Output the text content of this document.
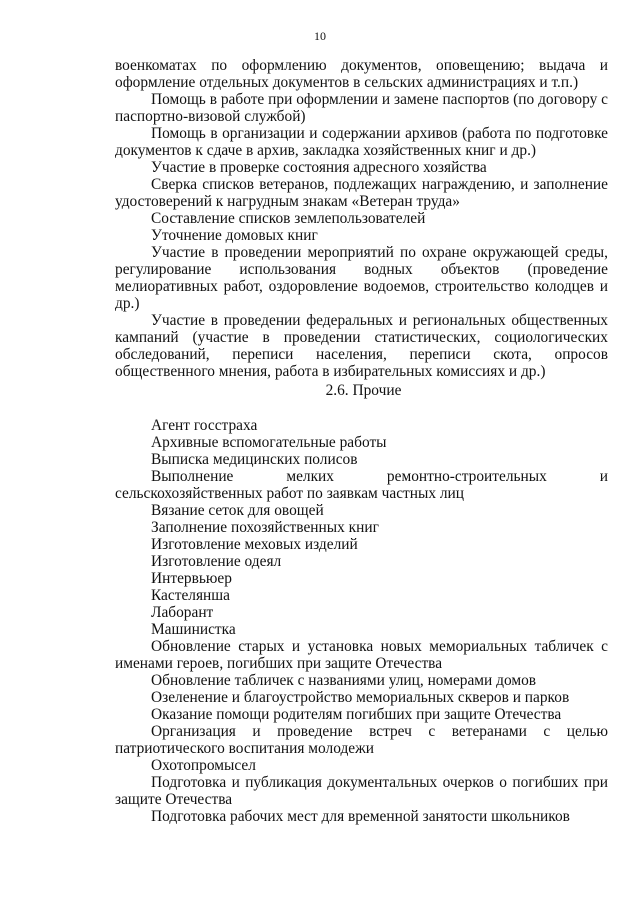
10

военкоматах по оформлению документов, оповещению; выдача и оформление отдельных документов в сельских администрациях и т.п.)

Помощь в работе при оформлении и замене паспортов (по договору с паспортно-визовой службой)

Помощь в организации и содержании архивов (работа по подготовке документов к сдаче в архив, закладка хозяйственных книг и др.)

Участие в проверке состояния адресного хозяйства

Сверка списков ветеранов, подлежащих награждению, и заполнение удостоверений к нагрудным знакам «Ветеран труда»

Составление списков землепользователей

Уточнение домовых книг

Участие в проведении мероприятий по охране окружающей среды, регулирование использования водных объектов (проведение мелиоративных работ, оздоровление водоемов, строительство колодцев и др.)

Участие в проведении федеральных и региональных общественных кампаний (участие в проведении статистических, социологических обследований, переписи населения, переписи скота, опросов общественного мнения, работа в избирательных комиссиях и др.)

2.6. Прочие

Агент госстраха

Архивные вспомогательные работы

Выписка медицинских полисов

Выполнение мелких ремонтно-строительных и сельскохозяйственных работ по заявкам частных лиц

Вязание сеток для овощей

Заполнение похозяйственных книг

Изготовление меховых изделий

Изготовление одеял

Интервьюер

Кастелянша

Лаборант

Машинистка

Обновление старых и установка новых мемориальных табличек с именами героев, погибших при защите Отечества

Обновление табличек с названиями улиц, номерами домов

Озеленение и благоустройство мемориальных скверов и парков

Оказание помощи родителям погибших при защите Отечества

Организация и проведение встреч с ветеранами с целью патриотического воспитания молодежи

Охотопромысел

Подготовка и публикация документальных очерков о погибших при защите Отечества

Подготовка рабочих мест для временной занятости школьников
